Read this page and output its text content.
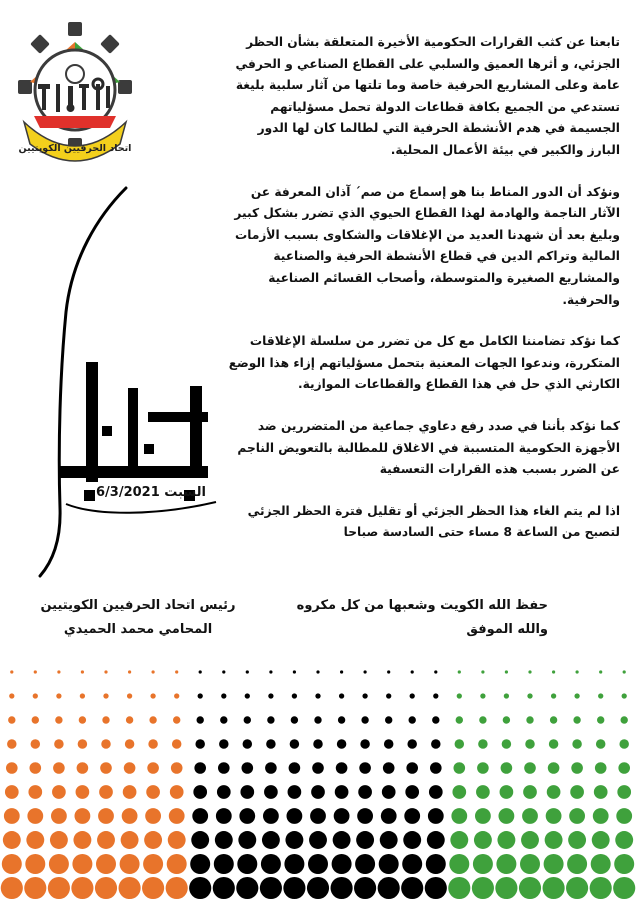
اتحاد الحرفيين الكويتيين

تابعنا عن كثب القرارات الحكومية الأخيرة المتعلقة بشأن الحظر الجزئي، و أثرها العميق والسلبي على القطاع الصناعي و الحرفي عامة وعلى المشاريع الحرفية خاصة وما تلتها من آثار سلبية بليغة تستدعي من الجميع بكافة قطاعات الدولة تحمل مسؤلياتهم الجسيمة في هدم الأنشطة الحرفية التي لطالما كان لها الدور البارز والكبير في بيئة الأعمال المحلية.

ونؤكد أن الدور المناط بنا هو إسماع من صم´ آذان المعرفة عن الآثار الناجمة والهادمة لهذا القطاع الحيوي الذي تضرر بشكل كبير وبليغ بعد أن شهدنا العديد من الإغلاقات والشكاوى بسبب الأزمات المالية وتراكم الدين في قطاع الأنشطة الحرفية والصناعية والمشاريع الصغيرة والمتوسطة، وأصحاب القسائم الصناعية والحرفية.

كما نؤكد تضامننا الكامل مع كل من تضرر من سلسلة الإغلاقات المتكررة، وندعوا الجهات المعنية بتحمل مسؤلياتهم إزاء هذا الوضع الكارثي الذي حل في هذا القطاع والقطاعات الموازية.

كما نؤكد بأننا في صدد رفع دعاوي جماعية من المتضررين ضد الأجهزة الحكومية المتسببة في الاغلاق للمطالبة بالتعويض الناجم عن الضرر بسبب هذه القرارات التعسفية

اذا لم يتم الغاء هذا الحظر الجزئي أو تقليل فترة الحظر الجزئي لتصبح من الساعة 8 مساء حتى السادسة صباحا

بيان
السبت 6/3/2021
حفظ الله الكويت وشعبها من كل مكروه
والله الموفق
رئيس اتحاد الحرفيين الكويتيين
المحامي محمد الحميدي
